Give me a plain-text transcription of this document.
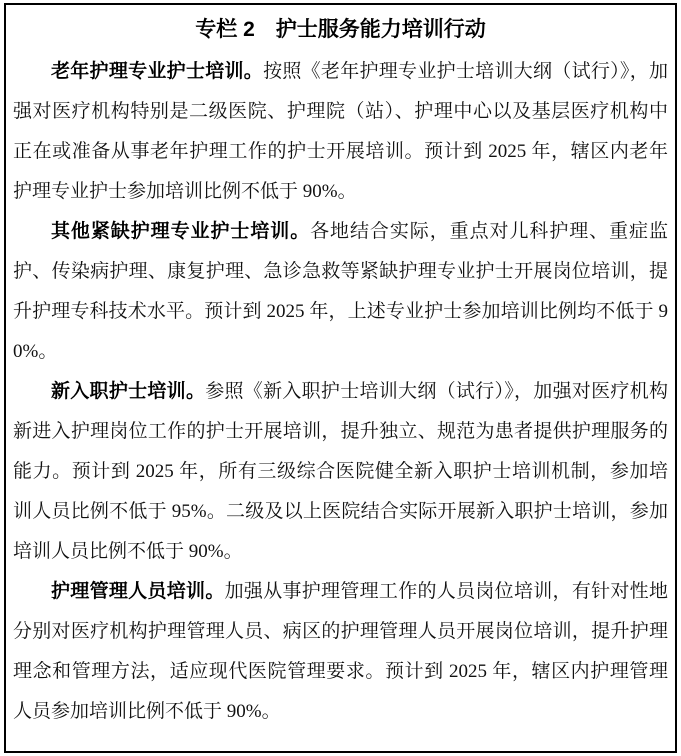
专栏 2　护士服务能力培训行动

老年护理专业护士培训。按照《老年护理专业护士培训大纲（试行）》，加强对医疗机构特别是二级医院、护理院（站）、护理中心以及基层医疗机构中正在或准备从事老年护理工作的护士开展培训。预计到 2025 年，辖区内老年护理专业护士参加培训比例不低于 90%。

其他紧缺护理专业护士培训。各地结合实际，重点对儿科护理、重症监护、传染病护理、康复护理、急诊急救等紧缺护理专业护士开展岗位培训，提升护理专科技术水平。预计到 2025 年，上述专业护士参加培训比例均不低于 90%。

新入职护士培训。参照《新入职护士培训大纲（试行）》，加强对医疗机构新进入护理岗位工作的护士开展培训，提升独立、规范为患者提供护理服务的能力。预计到 2025 年，所有三级综合医院健全新入职护士培训机制，参加培训人员比例不低于 95%。二级及以上医院结合实际开展新入职护士培训，参加培训人员比例不低于 90%。

护理管理人员培训。加强从事护理管理工作的人员岗位培训，有针对性地分别对医疗机构护理管理人员、病区的护理管理人员开展岗位培训，提升护理理念和管理方法，适应现代医院管理要求。预计到 2025 年，辖区内护理管理人员参加培训比例不低于 90%。
